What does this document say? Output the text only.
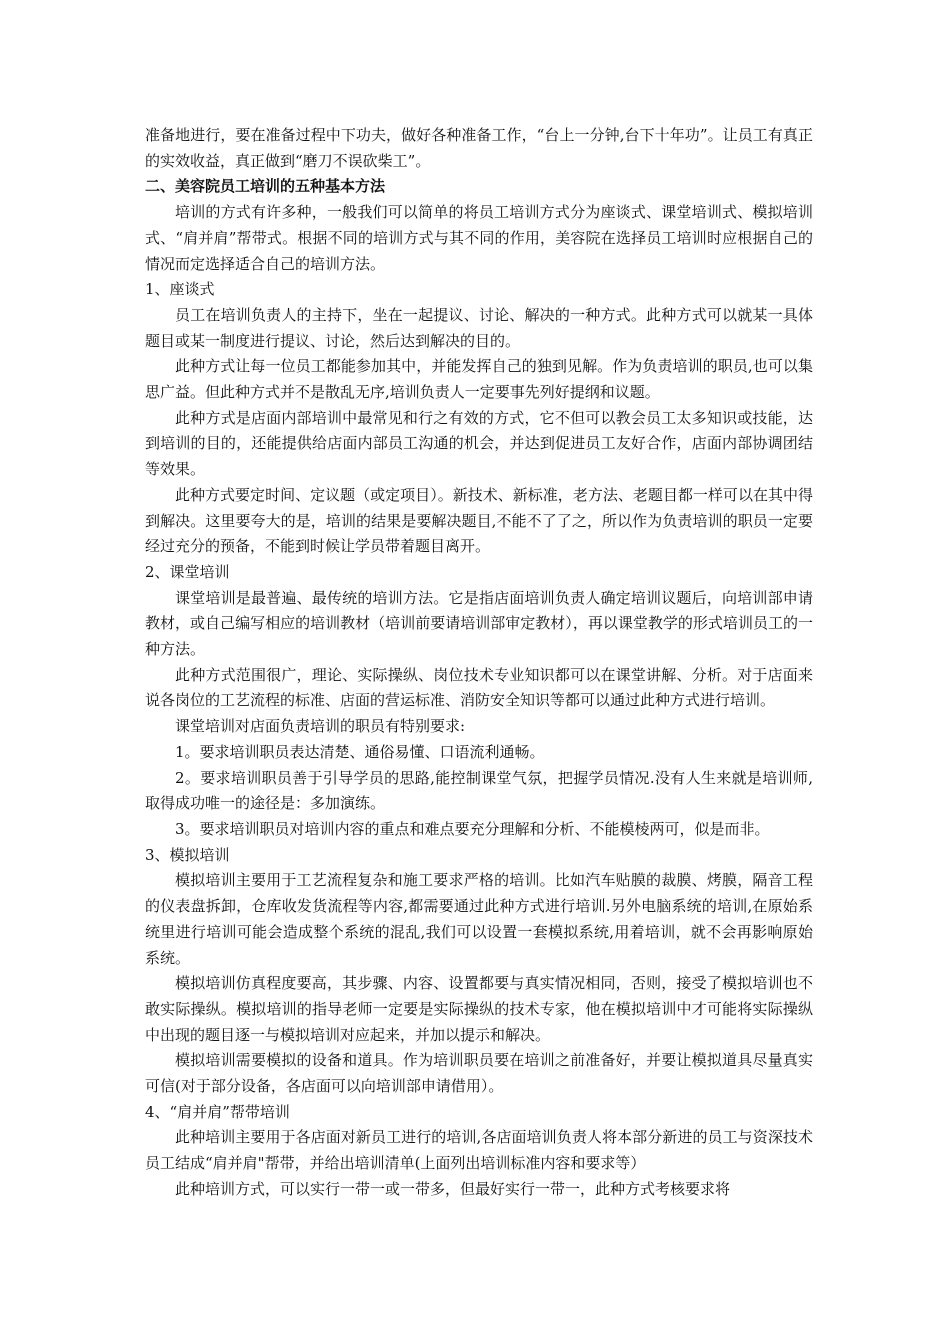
准备地进行，要在准备过程中下功夫，做好各种准备工作，“台上一分钟,台下十年功”。让员工有真正的实效收益，真正做到“磨刀不误砍柴工”。

二、美容院员工培训的五种基本方法

培训的方式有许多种，一般我们可以简单的将员工培训方式分为座谈式、课堂培训式、模拟培训式、“肩并肩”帮带式。根据不同的培训方式与其不同的作用，美容院在选择员工培训时应根据自己的情况而定选择适合自己的培训方法。

1、座谈式

员工在培训负责人的主持下，坐在一起提议、讨论、解决的一种方式。此种方式可以就某一具体题目或某一制度进行提议、讨论，然后达到解决的目的。

此种方式让每一位员工都能参加其中，并能发挥自己的独到见解。作为负责培训的职员,也可以集思广益。但此种方式并不是散乱无序,培训负责人一定要事先列好提纲和议题。

此种方式是店面内部培训中最常见和行之有效的方式，它不但可以教会员工太多知识或技能，达到培训的目的，还能提供给店面内部员工沟通的机会，并达到促进员工友好合作，店面内部协调团结等效果。

此种方式要定时间、定议题（或定项目）。新技术、新标准，老方法、老题目都一样可以在其中得到解决。这里要夸大的是，培训的结果是要解决题目,不能不了了之，所以作为负责培训的职员一定要经过充分的预备，不能到时候让学员带着题目离开。

2、课堂培训

课堂培训是最普遍、最传统的培训方法。它是指店面培训负责人确定培训议题后，向培训部申请教材，或自己编写相应的培训教材（培训前要请培训部审定教材），再以课堂教学的形式培训员工的一种方法。

此种方式范围很广，理论、实际操纵、岗位技术专业知识都可以在课堂讲解、分析。对于店面来说各岗位的工艺流程的标准、店面的营运标准、消防安全知识等都可以通过此种方式进行培训。

课堂培训对店面负责培训的职员有特别要求:

1。要求培训职员表达清楚、通俗易懂、口语流利通畅。

2。要求培训职员善于引导学员的思路,能控制课堂气氛，把握学员情况.没有人生来就是培训师,取得成功唯一的途径是：多加演练。

3。要求培训职员对培训内容的重点和难点要充分理解和分析、不能模棱两可，似是而非。

3、模拟培训

模拟培训主要用于工艺流程复杂和施工要求严格的培训。比如汽车贴膜的裁膜、烤膜，隔音工程的仪表盘拆卸，仓库收发货流程等内容,都需要通过此种方式进行培训.另外电脑系统的培训,在原始系统里进行培训可能会造成整个系统的混乱,我们可以设置一套模拟系统,用着培训，就不会再影响原始系统。

模拟培训仿真程度要高，其步骤、内容、设置都要与真实情况相同，否则，接受了模拟培训也不敢实际操纵。模拟培训的指导老师一定要是实际操纵的技术专家，他在模拟培训中才可能将实际操纵中出现的题目逐一与模拟培训对应起来，并加以提示和解决。

模拟培训需要模拟的设备和道具。作为培训职员要在培训之前准备好，并要让模拟道具尽量真实可信(对于部分设备，各店面可以向培训部申请借用）。

4、“肩并肩”帮带培训

此种培训主要用于各店面对新员工进行的培训,各店面培训负责人将本部分新进的员工与资深技术员工结成“肩并肩"帮带，并给出培训清单(上面列出培训标准内容和要求等）

此种培训方式，可以实行一带一或一带多，但最好实行一带一，此种方式考核要求将
